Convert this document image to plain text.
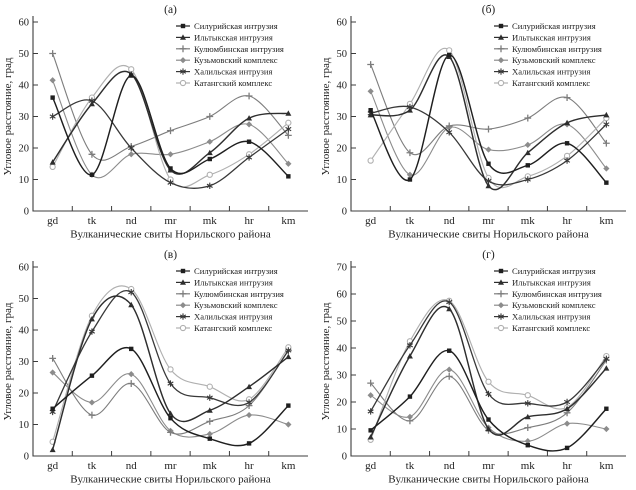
(а)
0
10
20
30
40
50
60
gd	tk	nd	mr mk	hr	km
Вулканические свиты Норильского района
Угловое расстояние, град
Силурийская интрузия
Ильтыкская интрузия
Кулюмбинская интрузия
Кузьмовский комплекс
Халильская интрузия
Катангский комплекс
(б)
0
10
20
30
40
50
60
gd	tk	nd	mr mk	hr	km
Вулканические свиты Норильского района
Угловое расстояние, град
Силурийская интрузия
Ильтыкская интрузия
Кулюмбинская интрузия
Кузьмовский комплекс
Халильская интрузия
Катангский комплекс
(в)
0
10
20
30
40
50
60
gd	tk	nd	mr mk	hr	km
Вулканические свиты Норильского района
Угловое расстояние, град
Силурийская интрузия
Ильтыкская интрузия
Кулюмбинская интрузия
Кузьмовский комплекс
Халильская интрузия
Катангский комплекс
(г)
0
10
20
30
40
50
60
70
gd	tk	nd	mr mk	hr	km
Вулканические свиты Норильского района
Угловое расстояние, град
Силурийская интрузия
Ильтыкская интрузия
Кулюмбинская интрузия
Кузьмовский комплекс
Халильская интрузия
Катангский комплекс
